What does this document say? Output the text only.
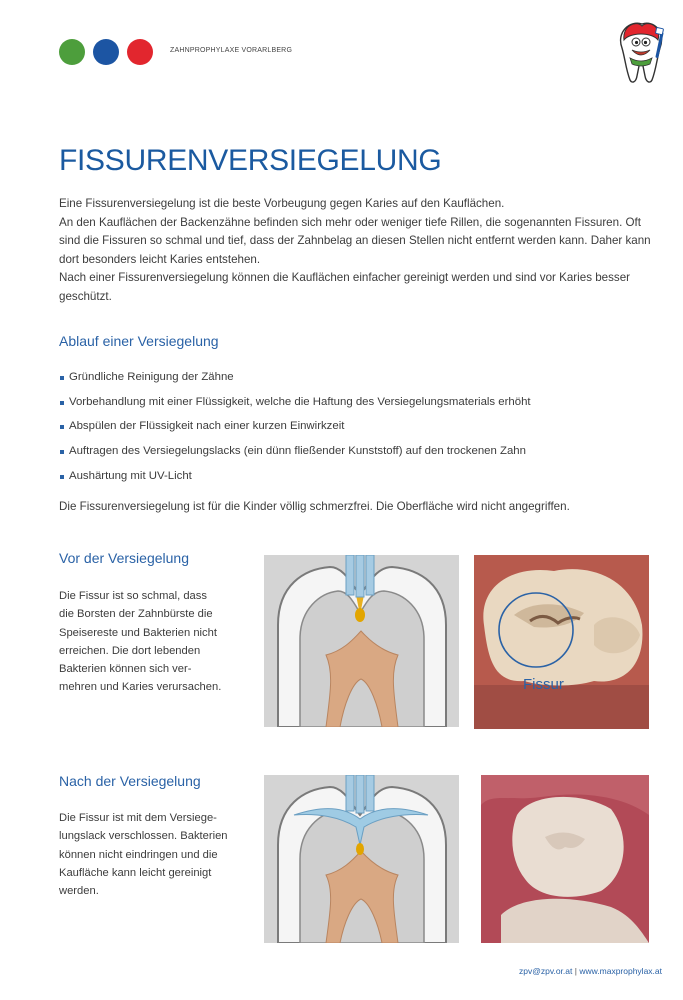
ZAHNPROPHYLAXE VORARLBERG
FISSURENVERSIEGELUNG

Eine Fissurenversiegelung ist die beste Vorbeugung gegen Karies auf den Kauflächen.

An den Kauflächen der Backenzähne befinden sich mehr oder weniger tiefe Rillen, die sogenannten Fissuren. Oft sind die Fissuren so schmal und tief, dass der Zahnbelag an diesen Stellen nicht entfernt werden kann. Daher kann dort besonders leicht Karies entstehen.

Nach einer Fissurenversiegelung können die Kauflächen einfacher gereinigt werden und sind vor Karies besser geschützt.

Ablauf einer Versiegelung
Gründliche Reinigung der Zähne
Vorbehandlung mit einer Flüssigkeit, welche die Haftung des Versiegelungsmaterials erhöht
Abspülen der Flüssigkeit nach einer kurzen Einwirkzeit
Auftragen des Versiegelungslacks (ein dünn fließender Kunststoff) auf den trockenen Zahn
Aushärtung mit UV-Licht
Die Fissurenversiegelung ist für die Kinder völlig schmerzfrei. Die Oberfläche wird nicht angegriffen.
Vor der Versiegelung
Die Fissur ist so schmal, dass
die Borsten der Zahnbürste die
Speisereste und Bakterien nicht
erreichen. Die dort lebenden
Bakterien können sich ver-
mehren und Karies verursachen.	Fissur
Nach der Versiegelung
Die Fissur ist mit dem Versiege-
lungslack verschlossen. Bakterien
können nicht eindringen und die
Kaufläche kann leicht gereinigt
werden.
zpv@zpv.or.at | www.maxprophylax.at
